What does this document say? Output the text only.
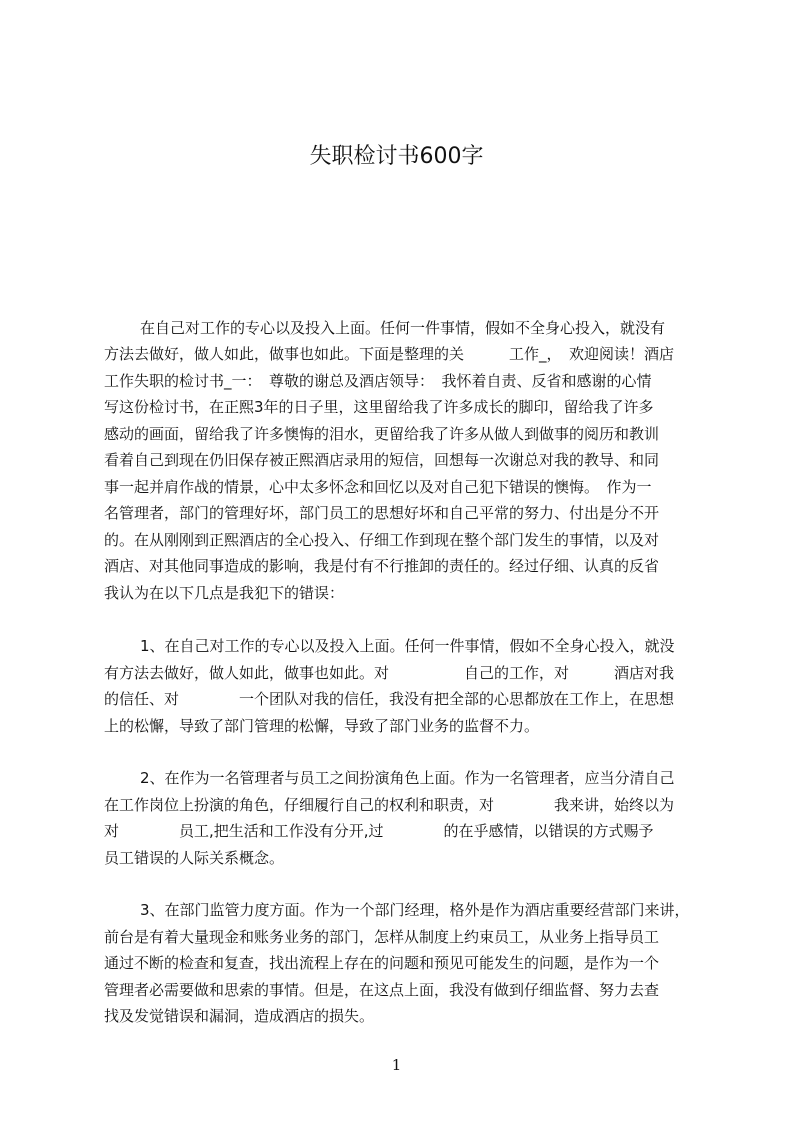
失职检讨书600字
在自己对工作的专心以及投入上面。任何一件事情，假如不全身心投入，就没有
方法去做好，做人如此，做事也如此。下面是整理的关　　　工作_，　欢迎阅读！酒店
工作失职的检讨书_一：　尊敬的谢总及酒店领导：　我怀着自责、反省和感谢的心情
写这份检讨书，在正熙3年的日子里，这里留给我了许多成长的脚印，留给我了许多
感动的画面，留给我了许多懊悔的泪水，更留给我了许多从做人到做事的阅历和教训
看着自己到现在仍旧保存被正熙酒店录用的短信，回想每一次谢总对我的教导、和同
事一起并肩作战的情景，心中太多怀念和回忆以及对自己犯下错误的懊悔。　作为一
名管理者，部门的管理好坏，部门员工的思想好坏和自己平常的努力、付出是分不开
的。在从刚刚到正熙酒店的全心投入、仔细工作到现在整个部门发生的事情，以及对
酒店、对其他同事造成的影响，我是付有不行推卸的责任的。经过仔细、认真的反省
我认为在以下几点是我犯下的错误：
1、在自己对工作的专心以及投入上面。任何一件事情，假如不全身心投入，就没
有方法去做好，做人如此，做事也如此。对　　　　　自己的工作，对　　　酒店对我
的信任、对　　　　一个团队对我的信任，我没有把全部的心思都放在工作上，在思想
上的松懈，导致了部门管理的松懈，导致了部门业务的监督不力。
2、在作为一名管理者与员工之间扮演角色上面。作为一名管理者，应当分清自己
在工作岗位上扮演的角色，仔细履行自己的权利和职责，对　　　　我来讲，始终以为
对　　　　员工,把生活和工作没有分开,过　　　　的在乎感情，以错误的方式赐予
员工错误的人际关系概念。
3、在部门监管力度方面。作为一个部门经理，格外是作为酒店重要经营部门来讲，
前台是有着大量现金和账务业务的部门，怎样从制度上约束员工，从业务上指导员工
通过不断的检查和复查，找出流程上存在的问题和预见可能发生的问题，是作为一个
管理者必需要做和思索的事情。但是，在这点上面，我没有做到仔细监督、努力去查
找及发觉错误和漏洞，造成酒店的损失。
1
